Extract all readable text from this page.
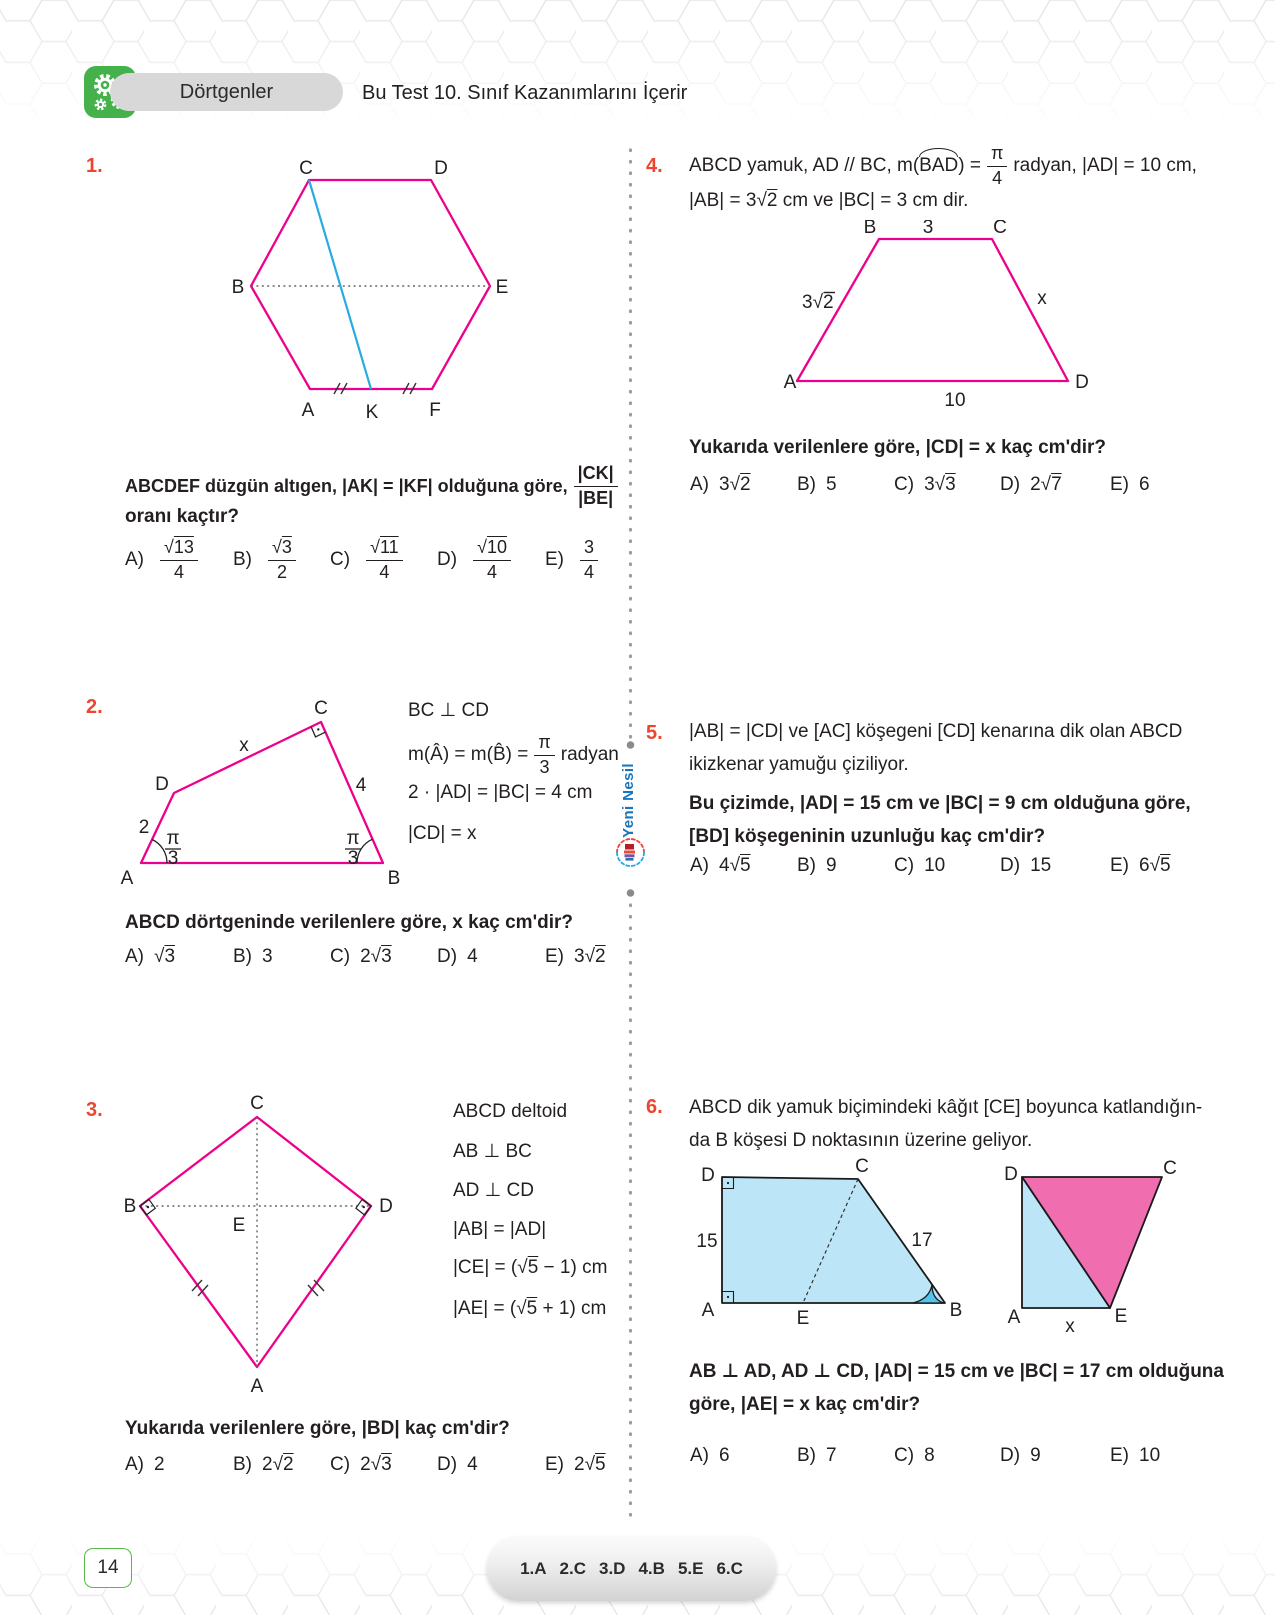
Dörtgenler	Bu Test 10. Sınıf Kazanımlarını İçerir
Yeni Nesil
1.	C	D
B	E
A	K	F
ABCDEF düzgün altıgen, |AK| = |KF| olduğuna göre, $\frac{|CK|}{|BE|}$
oranı kaçtır?
A)
√13
4
B)
√3
2
C)
√11
4
D)
√10
4
$E) \frac{3}{4}$
2.
π
3
π
3
x
4
2
A	B
C
D
BC ⊥ CD
m(Â) = m(B̂) = $\frac{\pi}{3}$ radyan
2 · |AD| = |BC| = 4 cm
|CD| = x
ABCD dörtgeninde verilenlere göre, x kaç cm'dir?
A) √3	B) 3	C) 2 √3 D) 4	E) 3 √2
3.	C
B	D
A
E
ABCD deltoid
AB ⊥ BC
AD ⊥ CD
|AB| = |AD|
|CE| = (√5 − 1) cm
|AE| = (√5 + 1) cm
Yukarıda verilenlere göre, |BD| kaç cm'dir?
A) 2	B) 2 √2 C) 2 √3 D) 4	E) 2 √5
4. ABCD yamuk, AD // BC, m( BAD ) = $\frac{\pi}{4}$ radyan, |AD| = 10 cm,
|AB| = 3√2 cm ve |BC| = 3 cm dir.
B 3	C
3√2	x
A	D
10
Yukarıda verilenlere göre, |CD| = x kaç cm'dir?
A) 3 √2 B) 5	C) 3 √3 D) 2 √7	E) 6
5. |AB| = |CD| ve [AC] köşegeni [CD] kenarına dik olan ABCD
ikizkenar yamuğu çiziliyor.
Bu çizimde, |AD| = 15 cm ve |BC| = 9 cm olduğuna göre,
[BD] köşegeninin uzunluğu kaç cm'dir?
A) 4 √5 B) 9	C) 10	D) 15	E) 6 √5
6. ABCD dik yamuk biçimindeki kâğıt [CE] boyunca katlandığın-
da B köşesi D noktasının üzerine geliyor.
D	C
15	17
A	B
E
D	C
A	E
x
AB ⊥ AD, AD ⊥ CD, |AD| = 15 cm ve |BC| = 17 cm olduğuna
göre, |AE| = x kaç cm'dir?
A) 6	B) 7	C) 8	D) 9	E) 10
14	1.A 2.C 3.D 4.B 5.E 6.C
